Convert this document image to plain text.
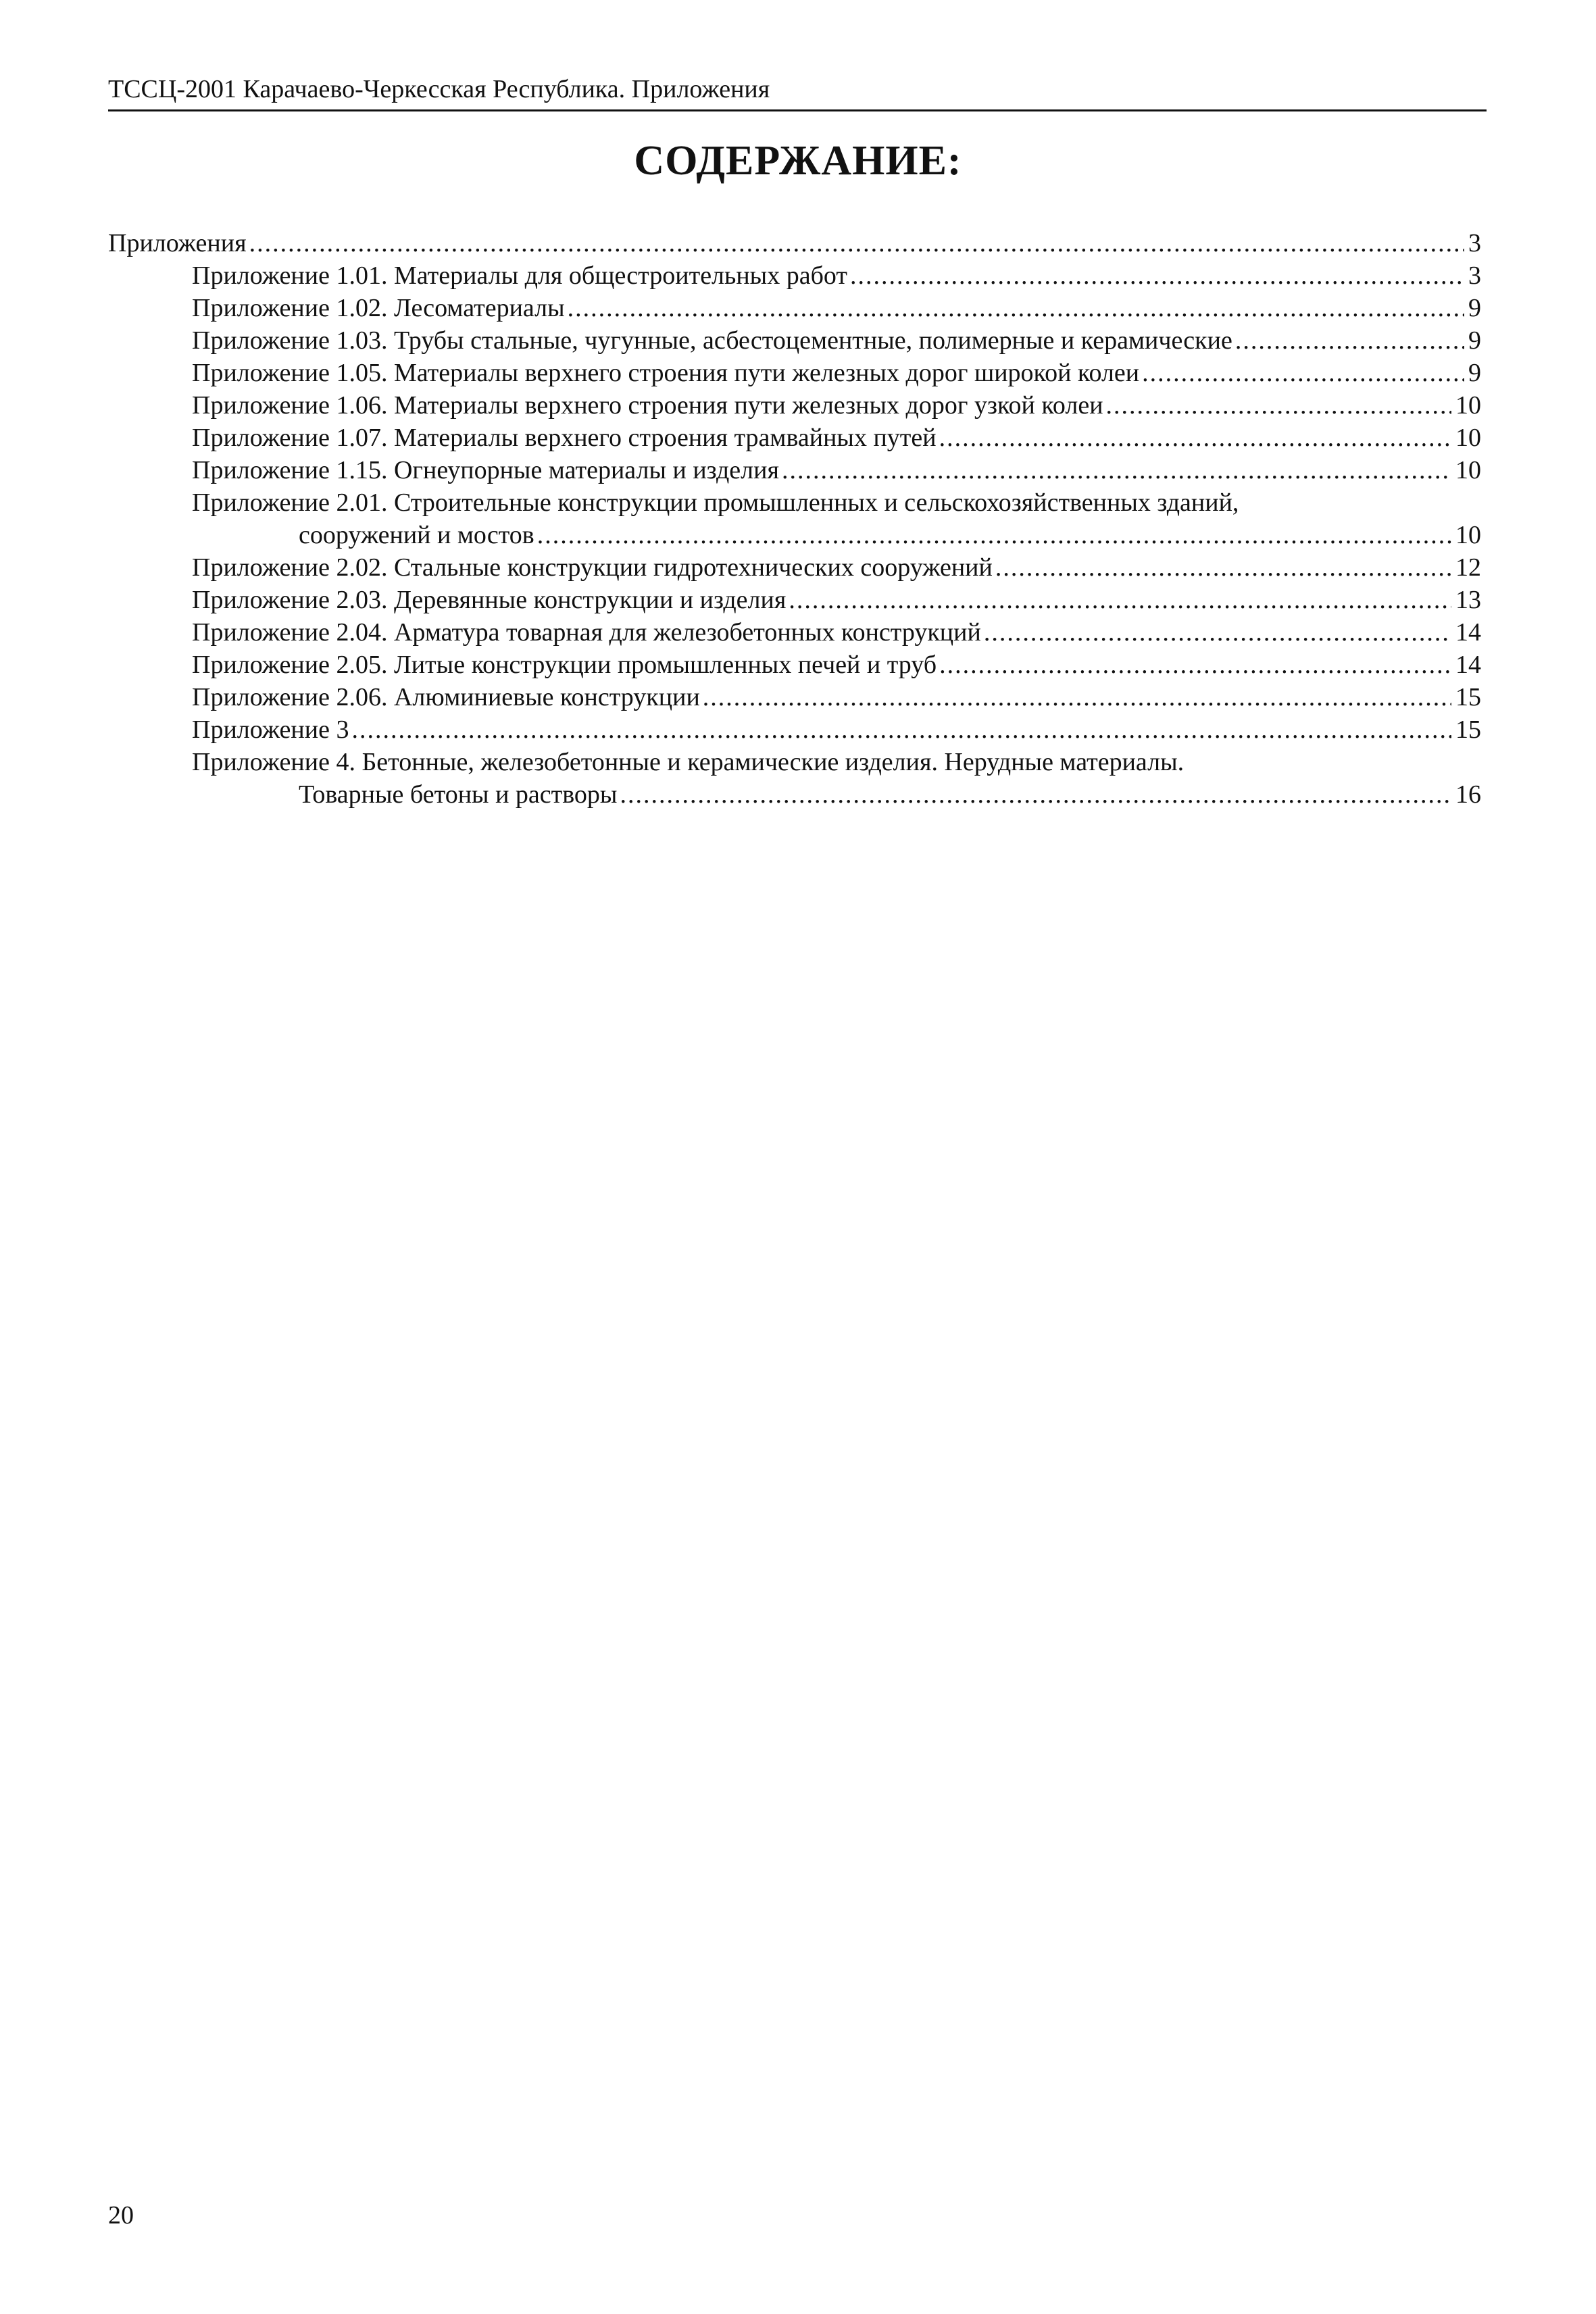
ТССЦ-2001 Карачаево-Черкесская Республика. Приложения
СОДЕРЖАНИЕ:
Приложения .....	3
Приложение 1.01. Материалы для общестроительных работ .....	3
Приложение 1.02. Лесоматериалы .....	9
Приложение 1.03. Трубы стальные, чугунные, асбестоцементные, полимерные и керамические .....	9
Приложение 1.05. Материалы верхнего строения пути железных дорог широкой колеи .....	9
Приложение 1.06. Материалы верхнего строения пути железных дорог узкой колеи .....	10
Приложение 1.07. Материалы верхнего строения трамвайных путей .....	10
Приложение 1.15. Огнеупорные материалы и изделия .....	10
Приложение 2.01. Строительные конструкции промышленных и сельскохозяйственных зданий,
сооружений и мостов .....	10
Приложение 2.02. Стальные конструкции гидротехнических сооружений .....	12
Приложение 2.03. Деревянные конструкции и изделия .....	13
Приложение 2.04. Арматура товарная для железобетонных конструкций .....	14
Приложение 2.05. Литые конструкции промышленных печей и труб .....	14
Приложение 2.06. Алюминиевые конструкции .....	15
Приложение 3 .....	15
Приложение 4. Бетонные, железобетонные и керамические изделия. Нерудные материалы.
Товарные бетоны и растворы .....	16
20
